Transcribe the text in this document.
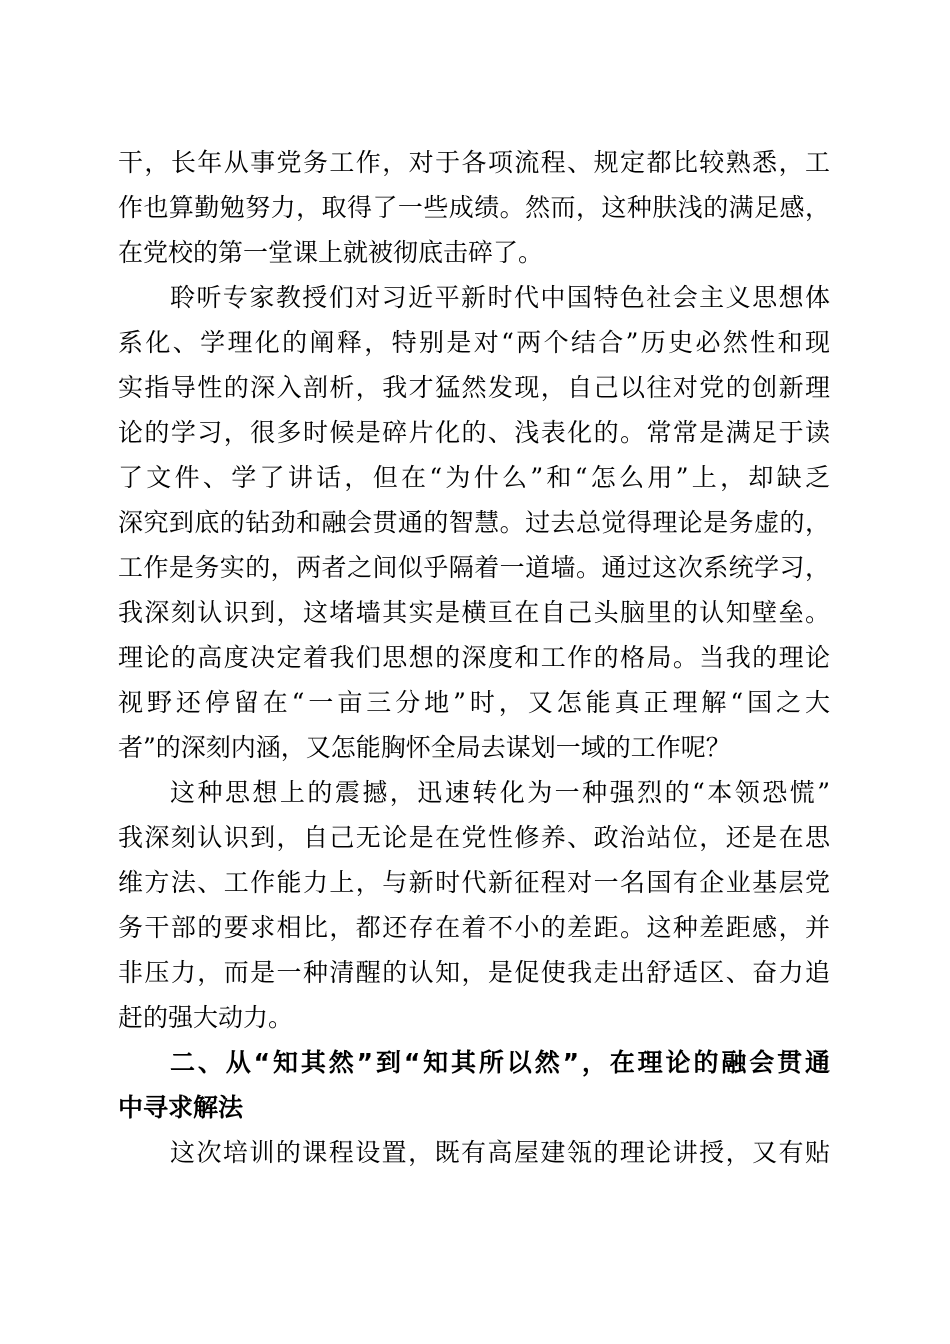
干，长年从事党务工作，对于各项流程、规定都比较熟悉，工
作也算勤勉努力，取得了一些成绩。然而，这种肤浅的满足感，
在党校的第一堂课上就被彻底击碎了。
聆听专家教授们对习近平新时代中国特色社会主义思想体
系化、学理化的阐释，特别是对“两个结合”历史必然性和现
实指导性的深入剖析，我才猛然发现，自己以往对党的创新理
论的学习，很多时候是碎片化的、浅表化的。常常是满足于读
了文件、学了讲话，但在“为什么”和“怎么用”上，却缺乏
深究到底的钻劲和融会贯通的智慧。过去总觉得理论是务虚的，
工作是务实的，两者之间似乎隔着一道墙。通过这次系统学习，
我深刻认识到，这堵墙其实是横亘在自己头脑里的认知壁垒。
理论的高度决定着我们思想的深度和工作的格局。当我的理论
视野还停留在“一亩三分地”时，又怎能真正理解“国之大
者”的深刻内涵，又怎能胸怀全局去谋划一域的工作呢？
这种思想上的震撼，迅速转化为一种强烈的“本领恐慌”
我深刻认识到，自己无论是在党性修养、政治站位，还是在思
维方法、工作能力上，与新时代新征程对一名国有企业基层党
务干部的要求相比，都还存在着不小的差距。这种差距感，并
非压力，而是一种清醒的认知，是促使我走出舒适区、奋力追
赶的强大动力。
二、从“知其然”到“知其所以然”，在理论的融会贯通
中寻求解法
这次培训的课程设置，既有高屋建瓴的理论讲授，又有贴
